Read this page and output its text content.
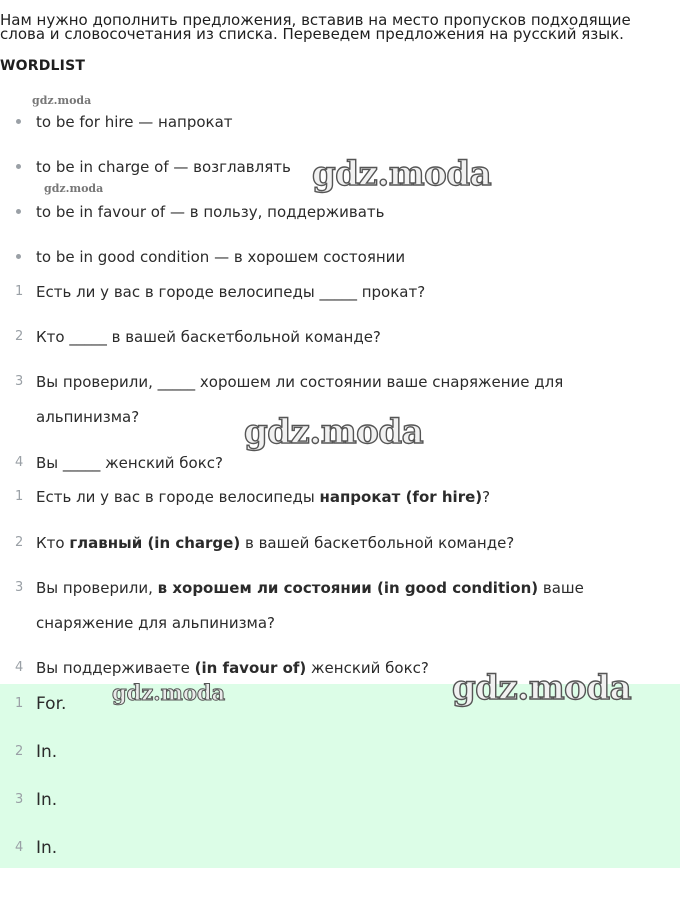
Нам нужно дополнить предложения, вставив на место пропусков подходящие
слова и словосочетания из списка. Переведем предложения на русский язык.
WORDLIST
to be for hire — напрокат
to be in charge of — возглавлять
to be in favour of — в пользу, поддерживать
to be in good condition — в хорошем состоянии
1 Есть ли у вас в городе велосипеды _____ прокат?
2 Кто _____ в вашей баскетбольной команде?
3 Вы проверили, _____ хорошем ли состоянии ваше снаряжение для
альпинизма?
4 Вы _____ женский бокс?
1 Есть ли у вас в городе велосипеды напрокат (for hire)?
2 Кто главный (in charge) в вашей баскетбольной команде?
3 Вы проверили, в хорошем ли состоянии (in good condition) ваше
снаряжение для альпинизма?
4 Вы поддерживаете (in favour of) женский бокс?
1 For.
2 In.
3 In.
4 In.
gdz.moda
gdz.moda	gdz.moda
gdz.moda
gdz.moda
gdz.moda
